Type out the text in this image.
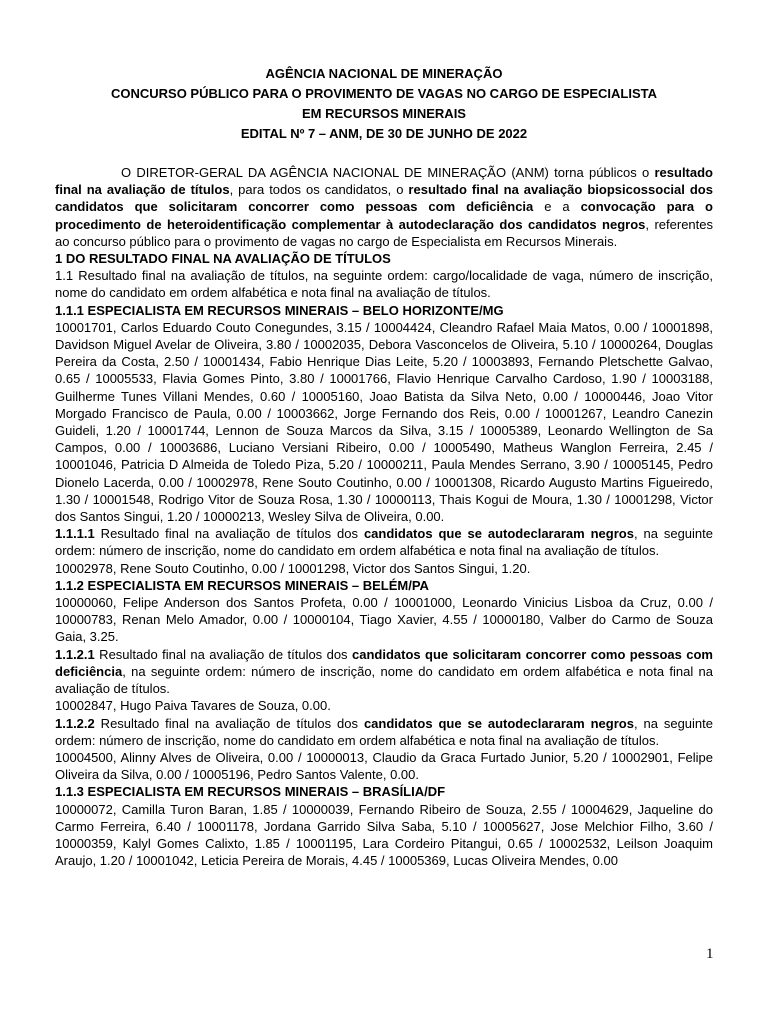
AGÊNCIA NACIONAL DE MINERAÇÃO

CONCURSO PÚBLICO PARA O PROVIMENTO DE VAGAS NO CARGO DE ESPECIALISTA

EM RECURSOS MINERAIS

EDITAL Nº 7 – ANM, DE 30 DE JUNHO DE 2022

O DIRETOR-GERAL DA AGÊNCIA NACIONAL DE MINERAÇÃO (ANM) torna públicos o resultado final na avaliação de títulos, para todos os candidatos, o resultado final na avaliação biopsicossocial dos candidatos que solicitaram concorrer como pessoas com deficiência e a convocação para o procedimento de heteroidentificação complementar à autodeclaração dos candidatos negros, referentes ao concurso público para o provimento de vagas no cargo de Especialista em Recursos Minerais.

1 DO RESULTADO FINAL NA AVALIAÇÃO DE TÍTULOS

1.1 Resultado final na avaliação de títulos, na seguinte ordem: cargo/localidade de vaga, número de inscrição, nome do candidato em ordem alfabética e nota final na avaliação de títulos.

1.1.1 ESPECIALISTA EM RECURSOS MINERAIS – BELO HORIZONTE/MG

10001701, Carlos Eduardo Couto Conegundes, 3.15 / 10004424, Cleandro Rafael Maia Matos, 0.00 / 10001898, Davidson Miguel Avelar de Oliveira, 3.80 / 10002035, Debora Vasconcelos de Oliveira, 5.10 / 10000264, Douglas Pereira da Costa, 2.50 / 10001434, Fabio Henrique Dias Leite, 5.20 / 10003893, Fernando Pletschette Galvao, 0.65 / 10005533, Flavia Gomes Pinto, 3.80 / 10001766, Flavio Henrique Carvalho Cardoso, 1.90 / 10003188, Guilherme Tunes Villani Mendes, 0.60 / 10005160, Joao Batista da Silva Neto, 0.00 / 10000446, Joao Vitor Morgado Francisco de Paula, 0.00 / 10003662, Jorge Fernando dos Reis, 0.00 / 10001267, Leandro Canezin Guideli, 1.20 / 10001744, Lennon de Souza Marcos da Silva, 3.15 / 10005389, Leonardo Wellington de Sa Campos, 0.00 / 10003686, Luciano Versiani Ribeiro, 0.00 / 10005490, Matheus Wanglon Ferreira, 2.45 / 10001046, Patricia D Almeida de Toledo Piza, 5.20 / 10000211, Paula Mendes Serrano, 3.90 / 10005145, Pedro Dionelo Lacerda, 0.00 / 10002978, Rene Souto Coutinho, 0.00 / 10001308, Ricardo Augusto Martins Figueiredo, 1.30 / 10001548, Rodrigo Vitor de Souza Rosa, 1.30 / 10000113, Thais Kogui de Moura, 1.30 / 10001298, Victor dos Santos Singui, 1.20 / 10000213, Wesley Silva de Oliveira, 0.00.

1.1.1.1 Resultado final na avaliação de títulos dos candidatos que se autodeclararam negros, na seguinte ordem: número de inscrição, nome do candidato em ordem alfabética e nota final na avaliação de títulos.

10002978, Rene Souto Coutinho, 0.00 / 10001298, Victor dos Santos Singui, 1.20.

1.1.2 ESPECIALISTA EM RECURSOS MINERAIS – BELÉM/PA

10000060, Felipe Anderson dos Santos Profeta, 0.00 / 10001000, Leonardo Vinicius Lisboa da Cruz, 0.00 / 10000783, Renan Melo Amador, 0.00 / 10000104, Tiago Xavier, 4.55 / 10000180, Valber do Carmo de Souza Gaia, 3.25.

1.1.2.1 Resultado final na avaliação de títulos dos candidatos que solicitaram concorrer como pessoas com deficiência, na seguinte ordem: número de inscrição, nome do candidato em ordem alfabética e nota final na avaliação de títulos.

10002847, Hugo Paiva Tavares de Souza, 0.00.

1.1.2.2 Resultado final na avaliação de títulos dos candidatos que se autodeclararam negros, na seguinte ordem: número de inscrição, nome do candidato em ordem alfabética e nota final na avaliação de títulos.

10004500, Alinny Alves de Oliveira, 0.00 / 10000013, Claudio da Graca Furtado Junior, 5.20 / 10002901, Felipe Oliveira da Silva, 0.00 / 10005196, Pedro Santos Valente, 0.00.

1.1.3 ESPECIALISTA EM RECURSOS MINERAIS – BRASÍLIA/DF

10000072, Camilla Turon Baran, 1.85 / 10000039, Fernando Ribeiro de Souza, 2.55 / 10004629, Jaqueline do Carmo Ferreira, 6.40 / 10001178, Jordana Garrido Silva Saba, 5.10 / 10005627, Jose Melchior Filho, 3.60 / 10000359, Kalyl Gomes Calixto, 1.85 / 10001195, Lara Cordeiro Pitangui, 0.65 / 10002532, Leilson Joaquim Araujo, 1.20 / 10001042, Leticia Pereira de Morais, 4.45 / 10005369, Lucas Oliveira Mendes, 0.00

1
